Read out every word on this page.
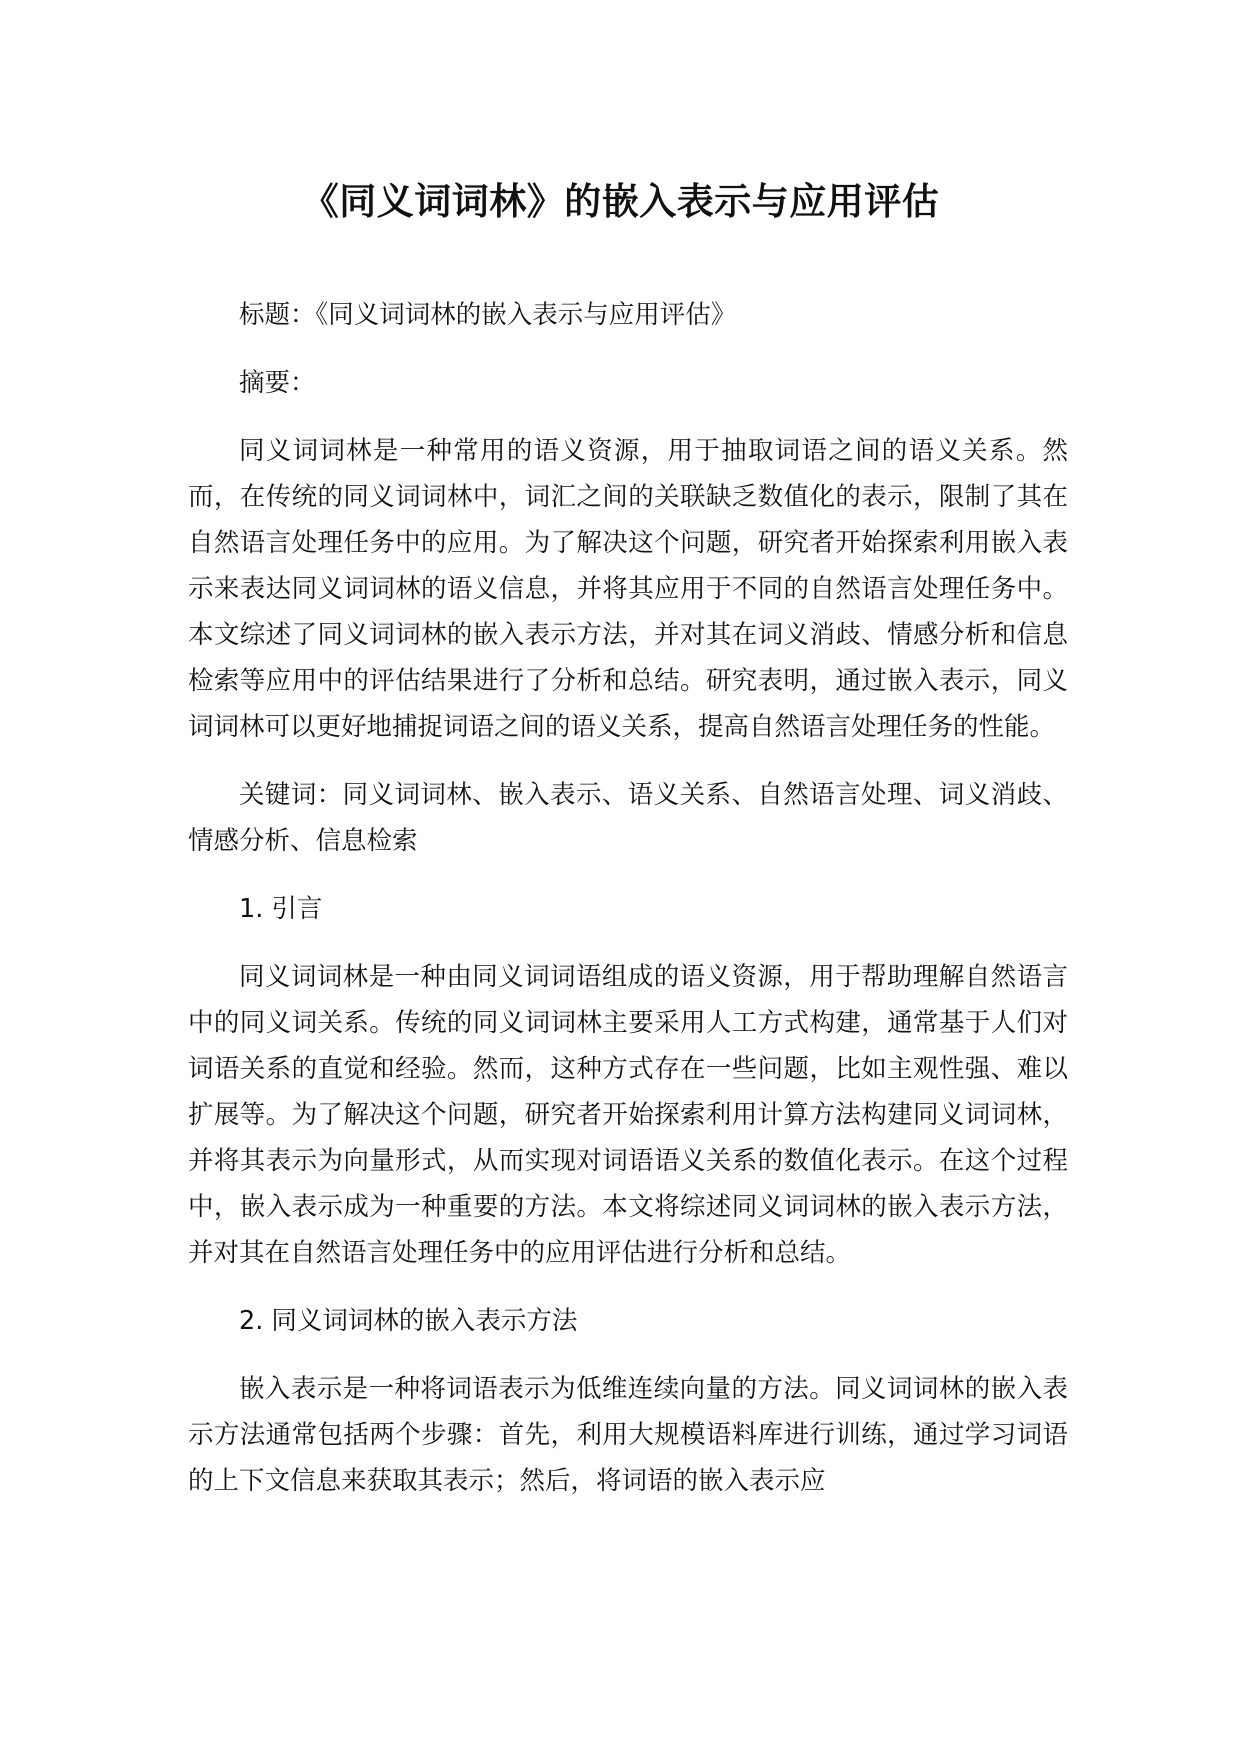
《同义词词林》的嵌入表示与应用评估

标题：《同义词词林的嵌入表示与应用评估》

摘要：

同义词词林是一种常用的语义资源，用于抽取词语之间的语义关系。然而，在传统的同义词词林中，词汇之间的关联缺乏数值化的表示，限制了其在自然语言处理任务中的应用。为了解决这个问题，研究者开始探索利用嵌入表示来表达同义词词林的语义信息，并将其应用于不同的自然语言处理任务中。本文综述了同义词词林的嵌入表示方法，并对其在词义消歧、情感分析和信息检索等应用中的评估结果进行了分析和总结。研究表明，通过嵌入表示，同义词词林可以更好地捕捉词语之间的语义关系，提高自然语言处理任务的性能。

关键词：同义词词林、嵌入表示、语义关系、自然语言处理、词义消歧、情感分析、信息检索

1. 引言

同义词词林是一种由同义词词语组成的语义资源，用于帮助理解自然语言中的同义词关系。传统的同义词词林主要采用人工方式构建，通常基于人们对词语关系的直觉和经验。然而，这种方式存在一些问题，比如主观性强、难以扩展等。为了解决这个问题，研究者开始探索利用计算方法构建同义词词林，并将其表示为向量形式，从而实现对词语语义关系的数值化表示。在这个过程中，嵌入表示成为一种重要的方法。本文将综述同义词词林的嵌入表示方法，并对其在自然语言处理任务中的应用评估进行分析和总结。

2. 同义词词林的嵌入表示方法

嵌入表示是一种将词语表示为低维连续向量的方法。同义词词林的嵌入表示方法通常包括两个步骤：首先，利用大规模语料库进行训练，通过学习词语的上下文信息来获取其表示；然后，将词语的嵌入表示应
